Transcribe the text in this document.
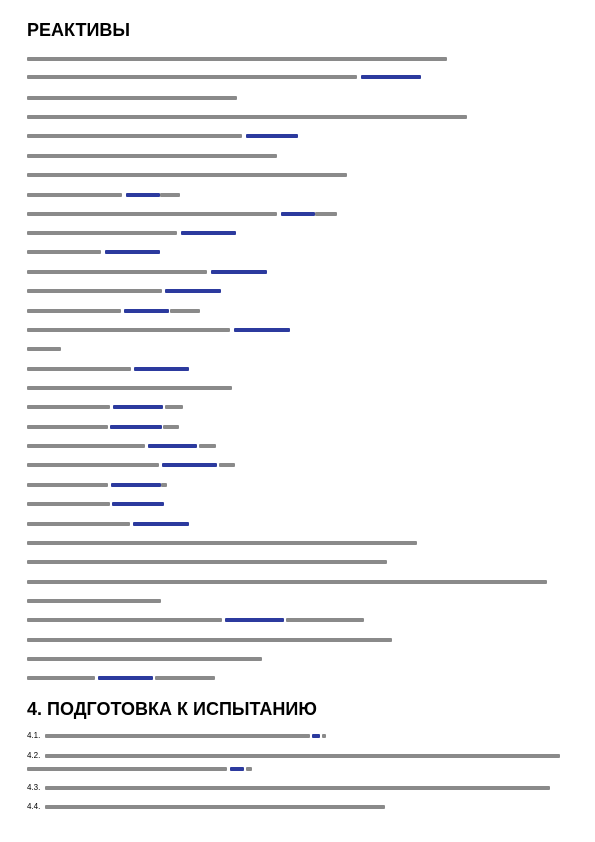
РЕАКТИВЫ
4. ПОДГОТОВКА К ИСПЫТАНИЮ
4.1.
4.2.
4.3.
4.4.
